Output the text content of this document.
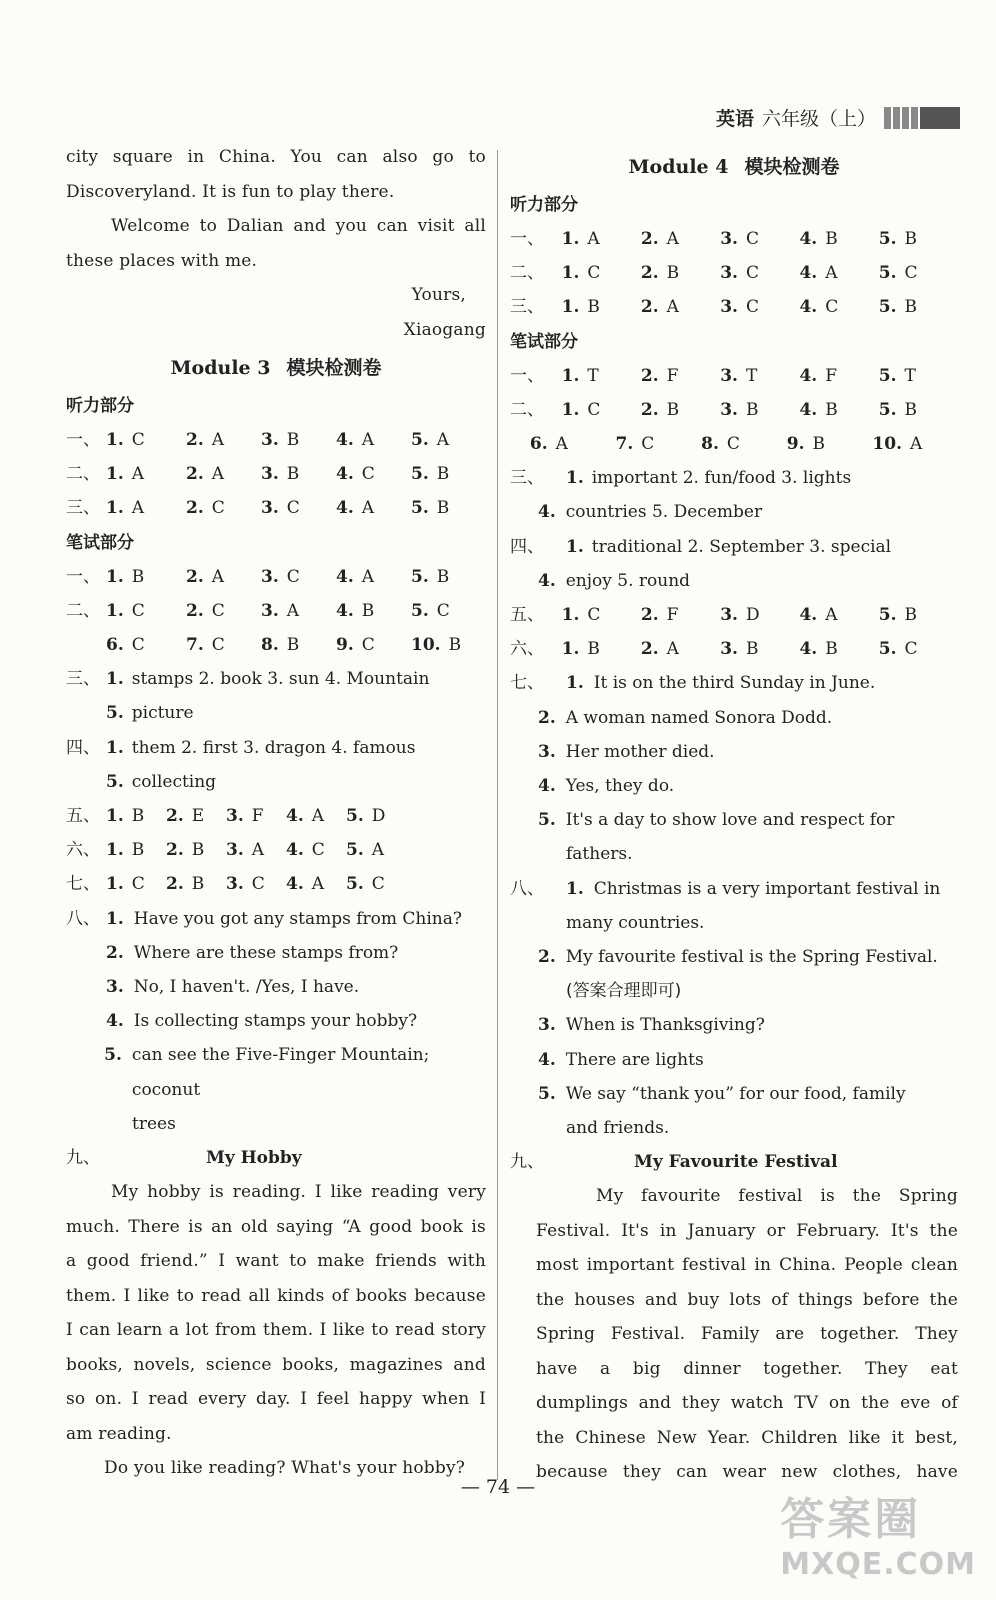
英语 六年级（上）
city square in China. You can also go to
Discoveryland. It is fun to play there.
Welcome to Dalian and you can visit all
these places with me.
Yours,
Xiaogang
Module 3 模块检测卷
听力部分
一、 1. C	2. A	3. B	4. A	5. A
二、 1. A	2. A	3. B	4. C	5. B
三、 1. A	2. C	3. C	4. A	5. B
笔试部分
一、 1. B	2. A	3. C	4. A	5. B
二、 1. C	2. C	3. A	4. B	5. C
6. C	7. C	8. B	9. C	10. B
三、 1. stamps 2. book 3. sun 4. Mountain
5. picture
四、 1. them 2. first 3. dragon 4. famous
5. collecting
五、 1. B	2. E	3. F	4. A	5. D
六、 1. B	2. B	3. A	4. C	5. A
七、 1. C	2. B	3. C	4. A	5. C
八、 1. Have you got any stamps from China?
2. Where are these stamps from?
3. No, I haven't. /Yes, I have.
4. Is collecting stamps your hobby?
5. can see the Five-Finger Mountain; coconut
trees
九、	My Hobby
My hobby is reading. I like reading very
much. There is an old saying “A good book is
a good friend.” I want to make friends with
them. I like to read all kinds of books because
I can learn a lot from them. I like to read story
books, novels, science books, magazines and
so on. I read every day. I feel happy when I
am reading.
Do you like reading? What's your hobby?
Module 4 模块检测卷
听力部分
一、	1. A	2. A	3. C	4. B	5. B
二、	1. C	2. B	3. C	4. A	5. C
三、	1. B	2. A	3. C	4. C	5. B
笔试部分
一、	1. T	2. F	3. T	4. F	5. T
二、	1. C	2. B	3. B	4. B	5. B
6. A	7. C	8. C	9. B	10. A
三、	1. important 2. fun/food 3. lights
4. countries 5. December
四、	1. traditional 2. September 3. special
4. enjoy 5. round
五、	1. C	2. F	3. D	4. A	5. B
六、	1. B	2. A	3. B	4. B	5. C
七、	1. It is on the third Sunday in June.
2. A woman named Sonora Dodd.
3. Her mother died.
4. Yes, they do.
5. It's a day to show love and respect for
fathers.
八、	1. Christmas is a very important festival in
many countries.
2. My favourite festival is the Spring Festival.
(答案合理即可)
3. When is Thanksgiving?
4. There are lights
5. We say “thank you” for our food, family
and friends.
九、	My Favourite Festival
My favourite festival is the Spring
Festival. It's in January or February. It's the
most important festival in China. People clean
the houses and buy lots of things before the
Spring Festival. Family are together. They
have a big dinner together. They eat
dumplings and they watch TV on the eve of
the Chinese New Year. Children like it best,
because they can wear new clothes, have
— 74 —
答案圈
MXQE.COM
